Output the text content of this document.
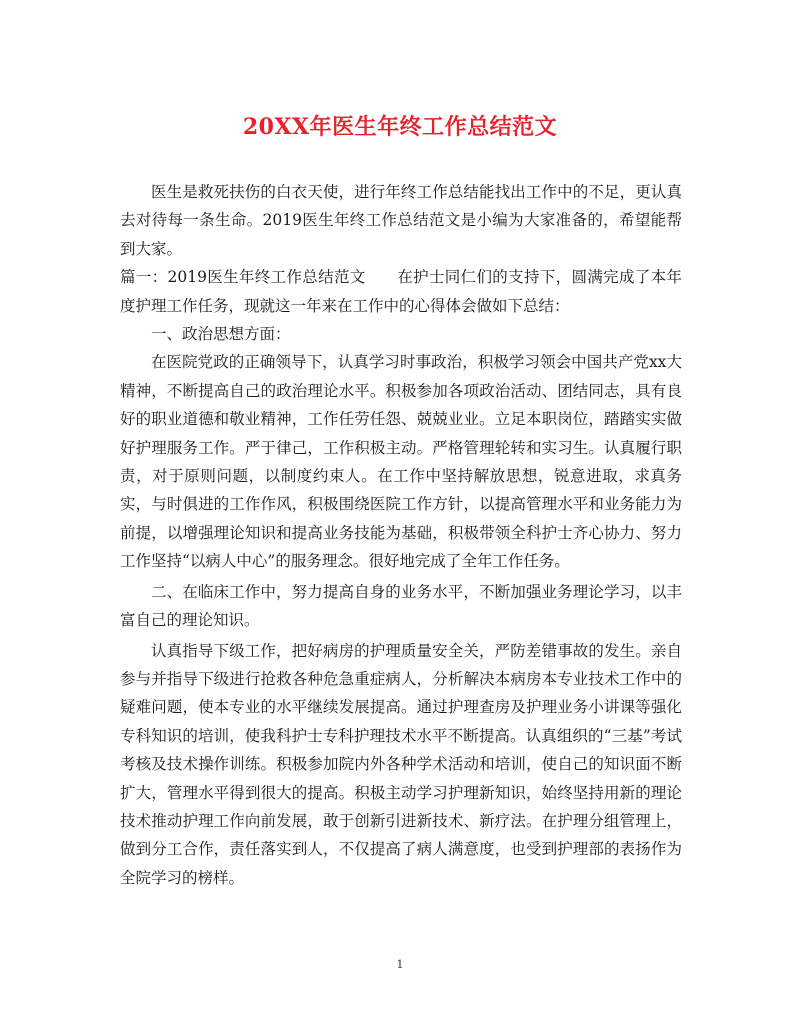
20XX年医生年终工作总结范文

医生是救死扶伤的白衣天使，进行年终工作总结能找出工作中的不足，更认真去对待每一条生命。2019医生年终工作总结范文是小编为大家准备的，希望能帮到大家。

篇一：2019医生年终工作总结范文　　在护士同仁们的支持下，圆满完成了本年度护理工作任务，现就这一年来在工作中的心得体会做如下总结：

一、政治思想方面：

在医院党政的正确领导下，认真学习时事政治，积极学习领会中国共产党xx大精神，不断提高自己的政治理论水平。积极参加各项政治活动、团结同志，具有良好的职业道德和敬业精神，工作任劳任怨、兢兢业业。立足本职岗位，踏踏实实做好护理服务工作。严于律己，工作积极主动。严格管理轮转和实习生。认真履行职责，对于原则问题，以制度约束人。在工作中坚持解放思想，锐意进取，求真务实，与时俱进的工作作风，积极围绕医院工作方针，以提高管理水平和业务能力为前提，以增强理论知识和提高业务技能为基础，积极带领全科护士齐心协力、努力工作坚持“以病人中心”的服务理念。很好地完成了全年工作任务。

二、在临床工作中，努力提高自身的业务水平，不断加强业务理论学习，以丰富自己的理论知识。

认真指导下级工作，把好病房的护理质量安全关，严防差错事故的发生。亲自参与并指导下级进行抢救各种危急重症病人，分析解决本病房本专业技术工作中的疑难问题，使本专业的水平继续发展提高。通过护理查房及护理业务小讲课等强化专科知识的培训，使我科护士专科护理技术水平不断提高。认真组织的“三基”考试考核及技术操作训练。积极参加院内外各种学术活动和培训，使自己的知识面不断扩大，管理水平得到很大的提高。积极主动学习护理新知识，始终坚持用新的理论技术推动护理工作向前发展，敢于创新引进新技术、新疗法。在护理分组管理上，做到分工合作，责任落实到人，不仅提高了病人满意度，也受到护理部的表扬作为全院学习的榜样。

1
